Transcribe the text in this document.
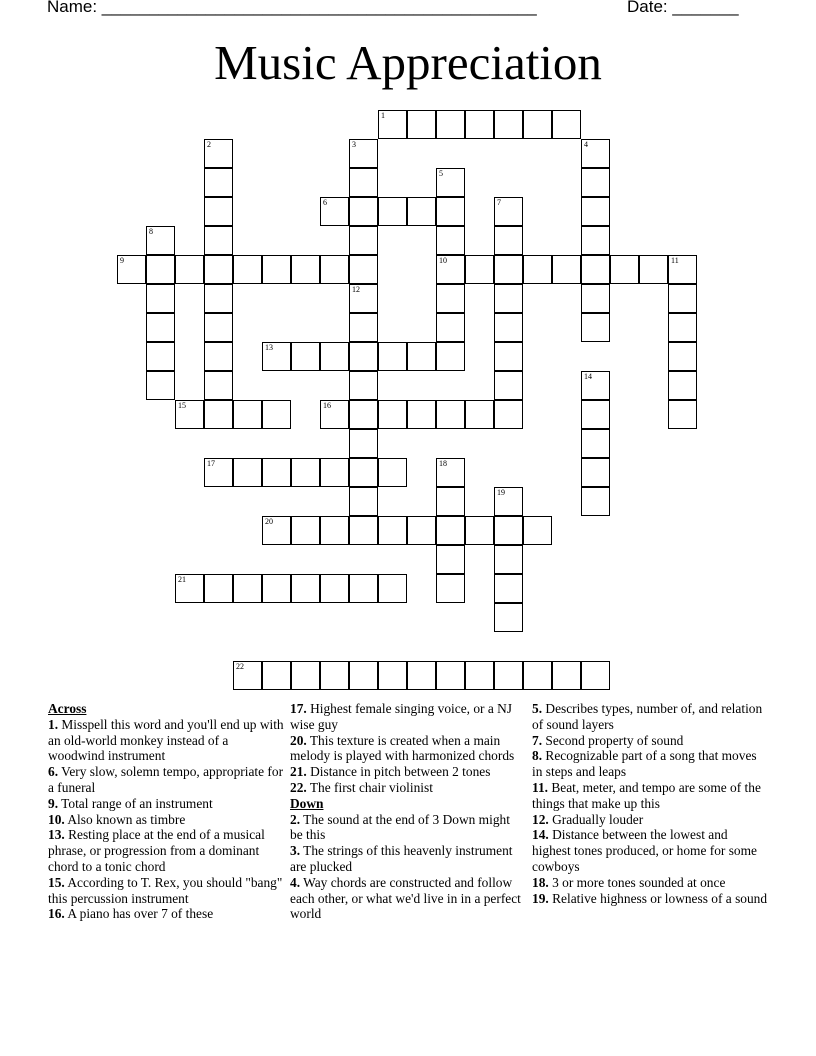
Name: ______________________________________________	Date: _______
Music Appreciation
1
6
9	10	11
13
15	16
17
20
21
22
2	3
12
4
5
7
8
14
18
19
Across
1. Misspell this word and you'll end up with an old-world monkey instead of a woodwind instrument
6. Very slow, solemn tempo, appropriate for a funeral
9. Total range of an instrument
10. Also known as timbre
13. Resting place at the end of a musical phrase, or progression from a dominant chord to a tonic chord
15. According to T. Rex, you should "bang" this percussion instrument
16. A piano has over 7 of these
17. Highest female singing voice, or a NJ wise guy
20. This texture is created when a main melody is played with harmonized chords
21. Distance in pitch between 2 tones
22. The first chair violinist
Down
2. The sound at the end of 3 Down might be this
3. The strings of this heavenly instrument are plucked
4. Way chords are constructed and follow each other, or what we'd live in in a perfect world
5. Describes types, number of, and relation of sound layers
7. Second property of sound
8. Recognizable part of a song that moves in steps and leaps
11. Beat, meter, and tempo are some of the things that make up this
12. Gradually louder
14. Distance between the lowest and highest tones produced, or home for some cowboys
18. 3 or more tones sounded at once
19. Relative highness or lowness of a sound
